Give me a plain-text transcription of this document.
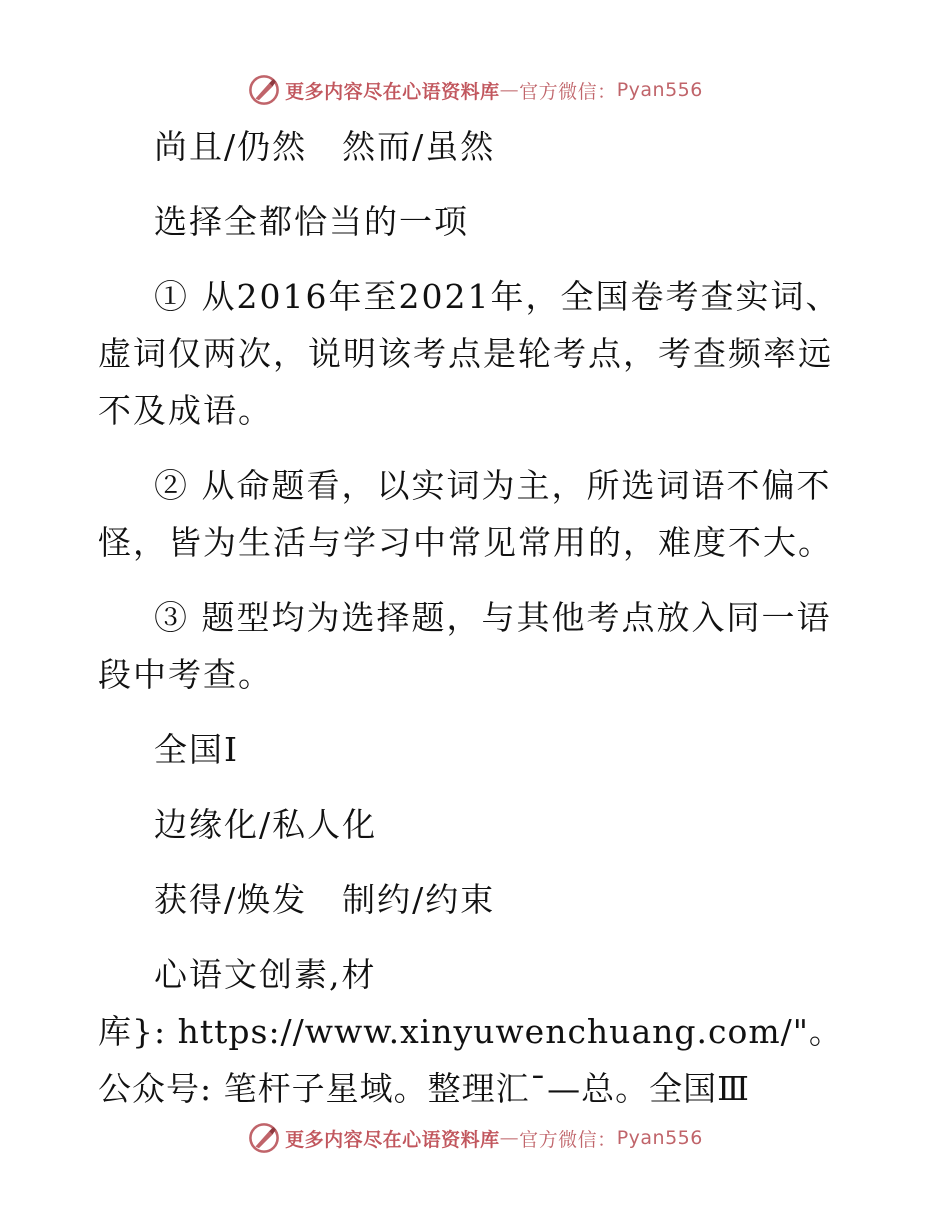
更多内容尽在心语资料库 — 官方微信： Pyan556

尚且/仍然　然而/虽然

选择全都恰当的一项

① 从2016年至2021年，全国卷考查实词、虚词仅两次，说明该考点是轮考点，考查频率远不及成语。

② 从命题看，以实词为主，所选词语不偏不怪，皆为生活与学习中常见常用的，难度不大。

③ 题型均为选择题，与其他考点放入同一语段中考查。

全国Ⅰ

边缘化/私人化

获得/焕发　制约/约束

心语文创素,材

库}: https://www.xinyuwenchuang.com/"。公众号: 笔杆子星域。整理汇¯—总。全国Ⅲ

更多内容尽在心语资料库 — 官方微信： Pyan556
